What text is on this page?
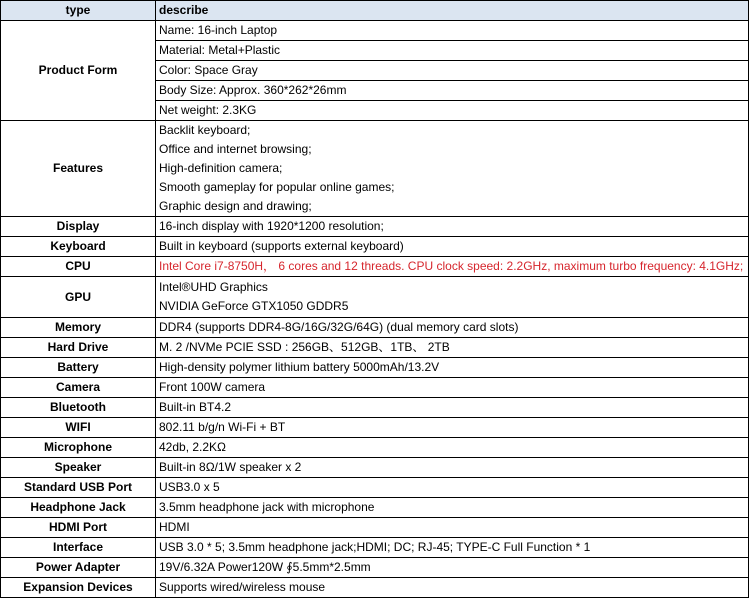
type	describe
Product Form	Name: 16-inch Laptop
	Material: Metal+Plastic
	Color: Space Gray
	Body Size: Approx. 360*262*26mm
	Net weight: 2.3KG
Features	Backlit keyboard;
Office and internet browsing;
High-definition camera;
Smooth gameplay for popular online games;
Graphic design and drawing;

Display	16-inch display with 1920*1200 resolution;
Keyboard	Built in keyboard (supports external keyboard)
CPU	Intel Core i7-8750H， 6 cores and 12 threads. CPU clock speed: 2.2GHz, maximum turbo frequency: 4.1GHz;
GPU	Intel®UHD Graphics
NVIDIA GeForce GTX1050 GDDR5

Memory	DDR4 (supports DDR4-8G/16G/32G/64G) (dual memory card slots)
Hard Drive	M. 2 /NVMe PCIE SSD : 256GB、512GB、1TB、 2TB
Battery	High-density polymer lithium battery 5000mAh/13.2V
Camera	Front 100W camera
Bluetooth	Built-in BT4.2
WIFI	802.11 b/g/n Wi-Fi + BT
Microphone	42db, 2.2KΩ
Speaker	Built-in 8Ω/1W speaker x 2
Standard USB Port	USB3.0 x 5
Headphone Jack	3.5mm headphone jack with microphone
HDMI Port	HDMI
Interface	USB 3.0 * 5; 3.5mm headphone jack;HDMI; DC; RJ-45; TYPE-C Full Function * 1
Power Adapter	19V/6.32A Power120W ∮5.5mm*2.5mm
Expansion Devices	Supports wired/wireless mouse
